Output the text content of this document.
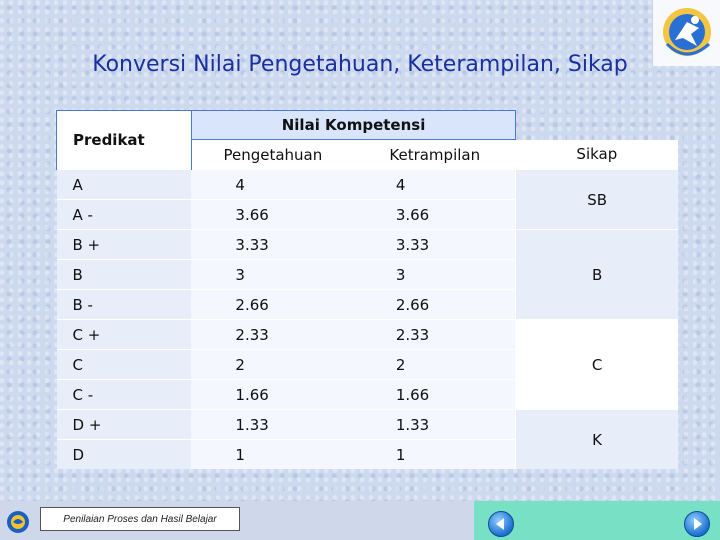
Konversi Nilai Pengetahuan, Keterampilan, Sikap
Predikat	Nilai Kompetensi		
	Pengetahuan	Ketrampilan	Sikap
A	4	4	SB
A -	3.66	3.66	
B +	3.33	3.33	B
B	3	3	
B -	2.66	2.66	
C +	2.33	2.33	C
C	2	2	
C -	1.66	1.66	
D +	1.33	1.33	K
D	1	1	
Penilaian Proses dan Hasil Belajar
